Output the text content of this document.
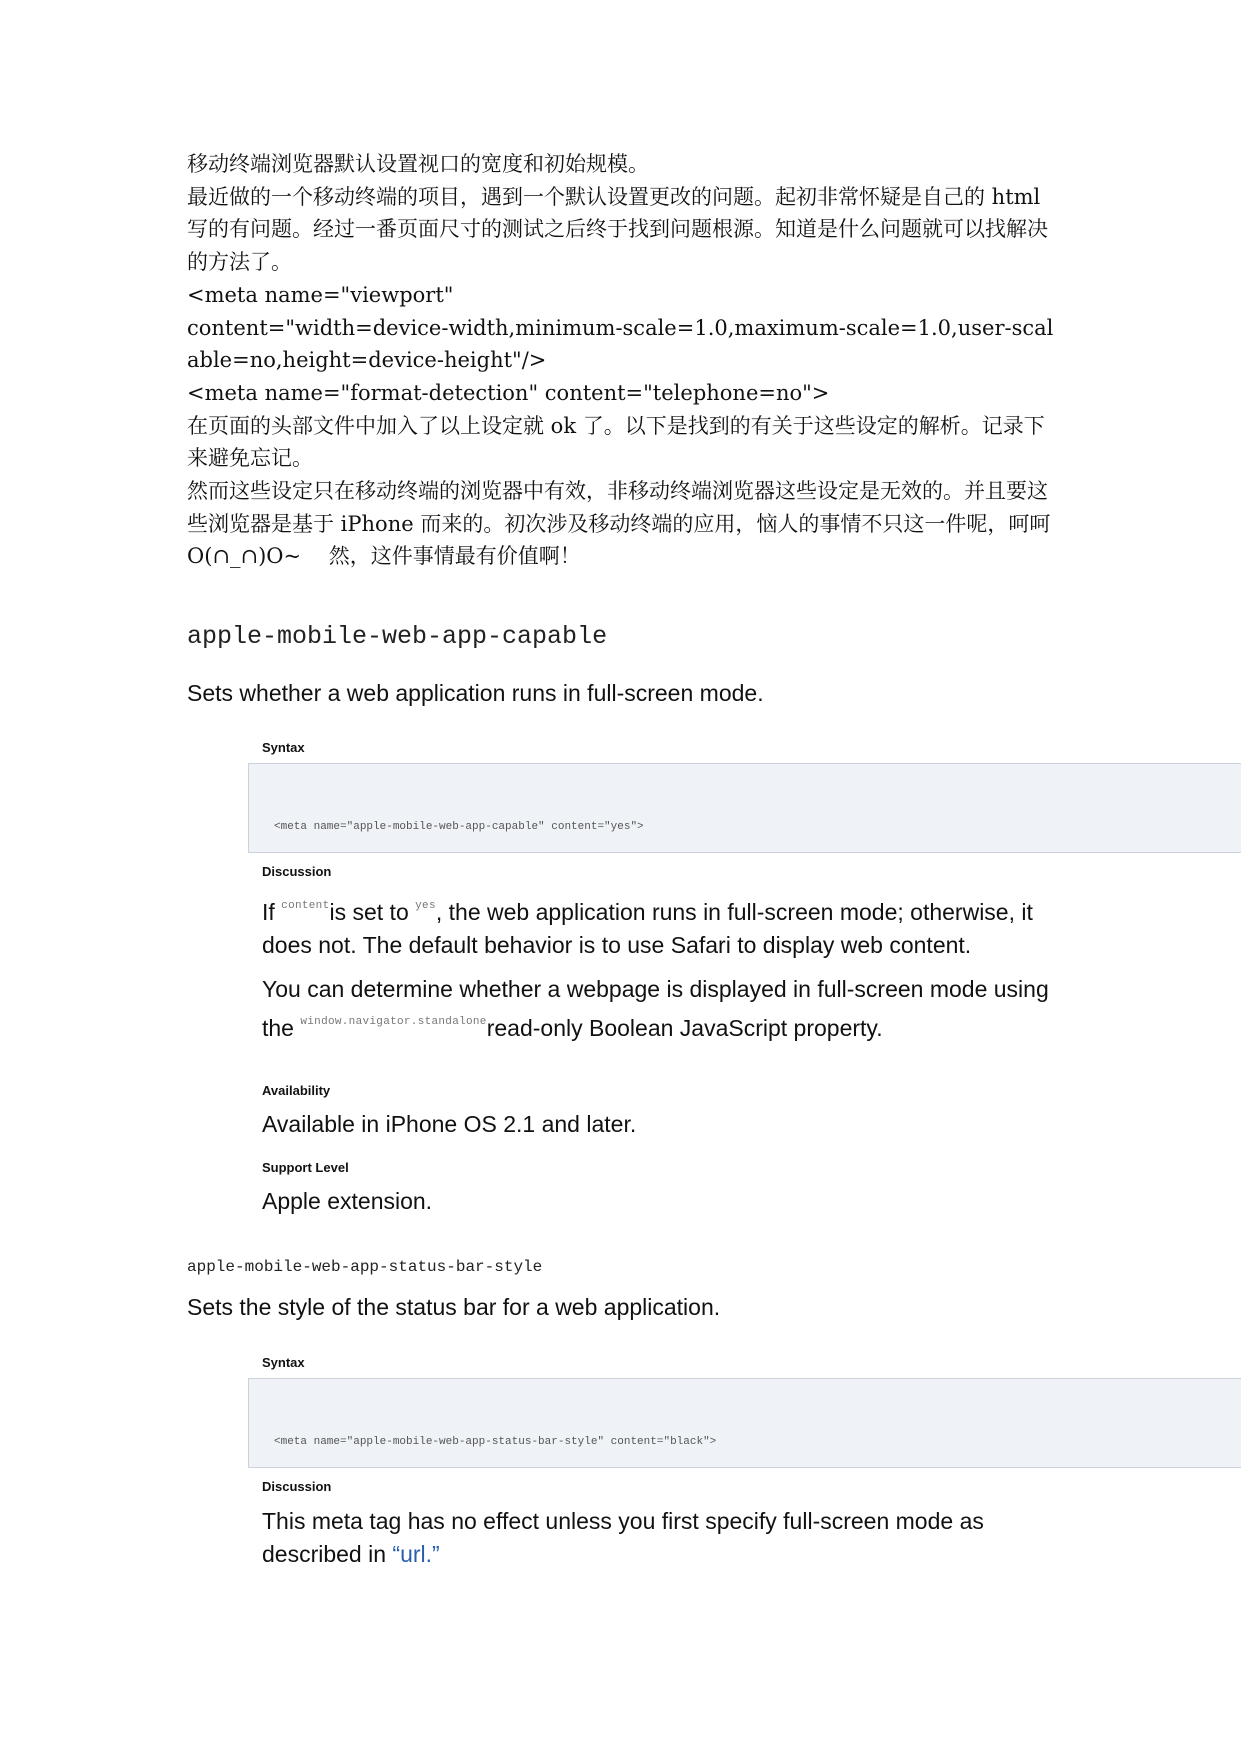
移动终端浏览器默认设置视口的宽度和初始规模。

最近做的一个移动终端的项目，遇到一个默认设置更改的问题。起初非常怀疑是自己的 html 写的有问题。经过一番页面尺寸的测试之后终于找到问题根源。知道是什么问题就可以找解决的方法了。

<meta name="viewport"

content="width=device-width,minimum-scale=1.0,maximum-scale=1.0,user-scalable=no,height=device-height"/>

<meta name="format-detection" content="telephone=no">

在页面的头部文件中加入了以上设定就 ok 了。以下是找到的有关于这些设定的解析。记录下来避免忘记。

然而这些设定只在移动终端的浏览器中有效，非移动终端浏览器这些设定是无效的。并且要这些浏览器是基于 iPhone 而来的。初次涉及移动终端的应用，恼人的事情不只这一件呢，呵呵 O(∩_∩)O~　 然，这件事情最有价值啊！

apple-mobile-web-app-capable

Sets whether a web application runs in full-screen mode.

Syntax

<meta name="apple-mobile-web-app-capable" content="yes">

Discussion

If $^{content}$is set to $^{yes}$, the web application runs in full-screen mode; otherwise, it does not. The default behavior is to use Safari to display web content.

You can determine whether a webpage is displayed in full-screen mode using the $^{window.navigator.standalone}$read-only Boolean JavaScript property.

Availability

Available in iPhone OS 2.1 and later.

Support Level

Apple extension.

apple-mobile-web-app-status-bar-style

Sets the style of the status bar for a web application.

Syntax

<meta name="apple-mobile-web-app-status-bar-style" content="black">

Discussion

This meta tag has no effect unless you first specify full-screen mode as described in “url.”
